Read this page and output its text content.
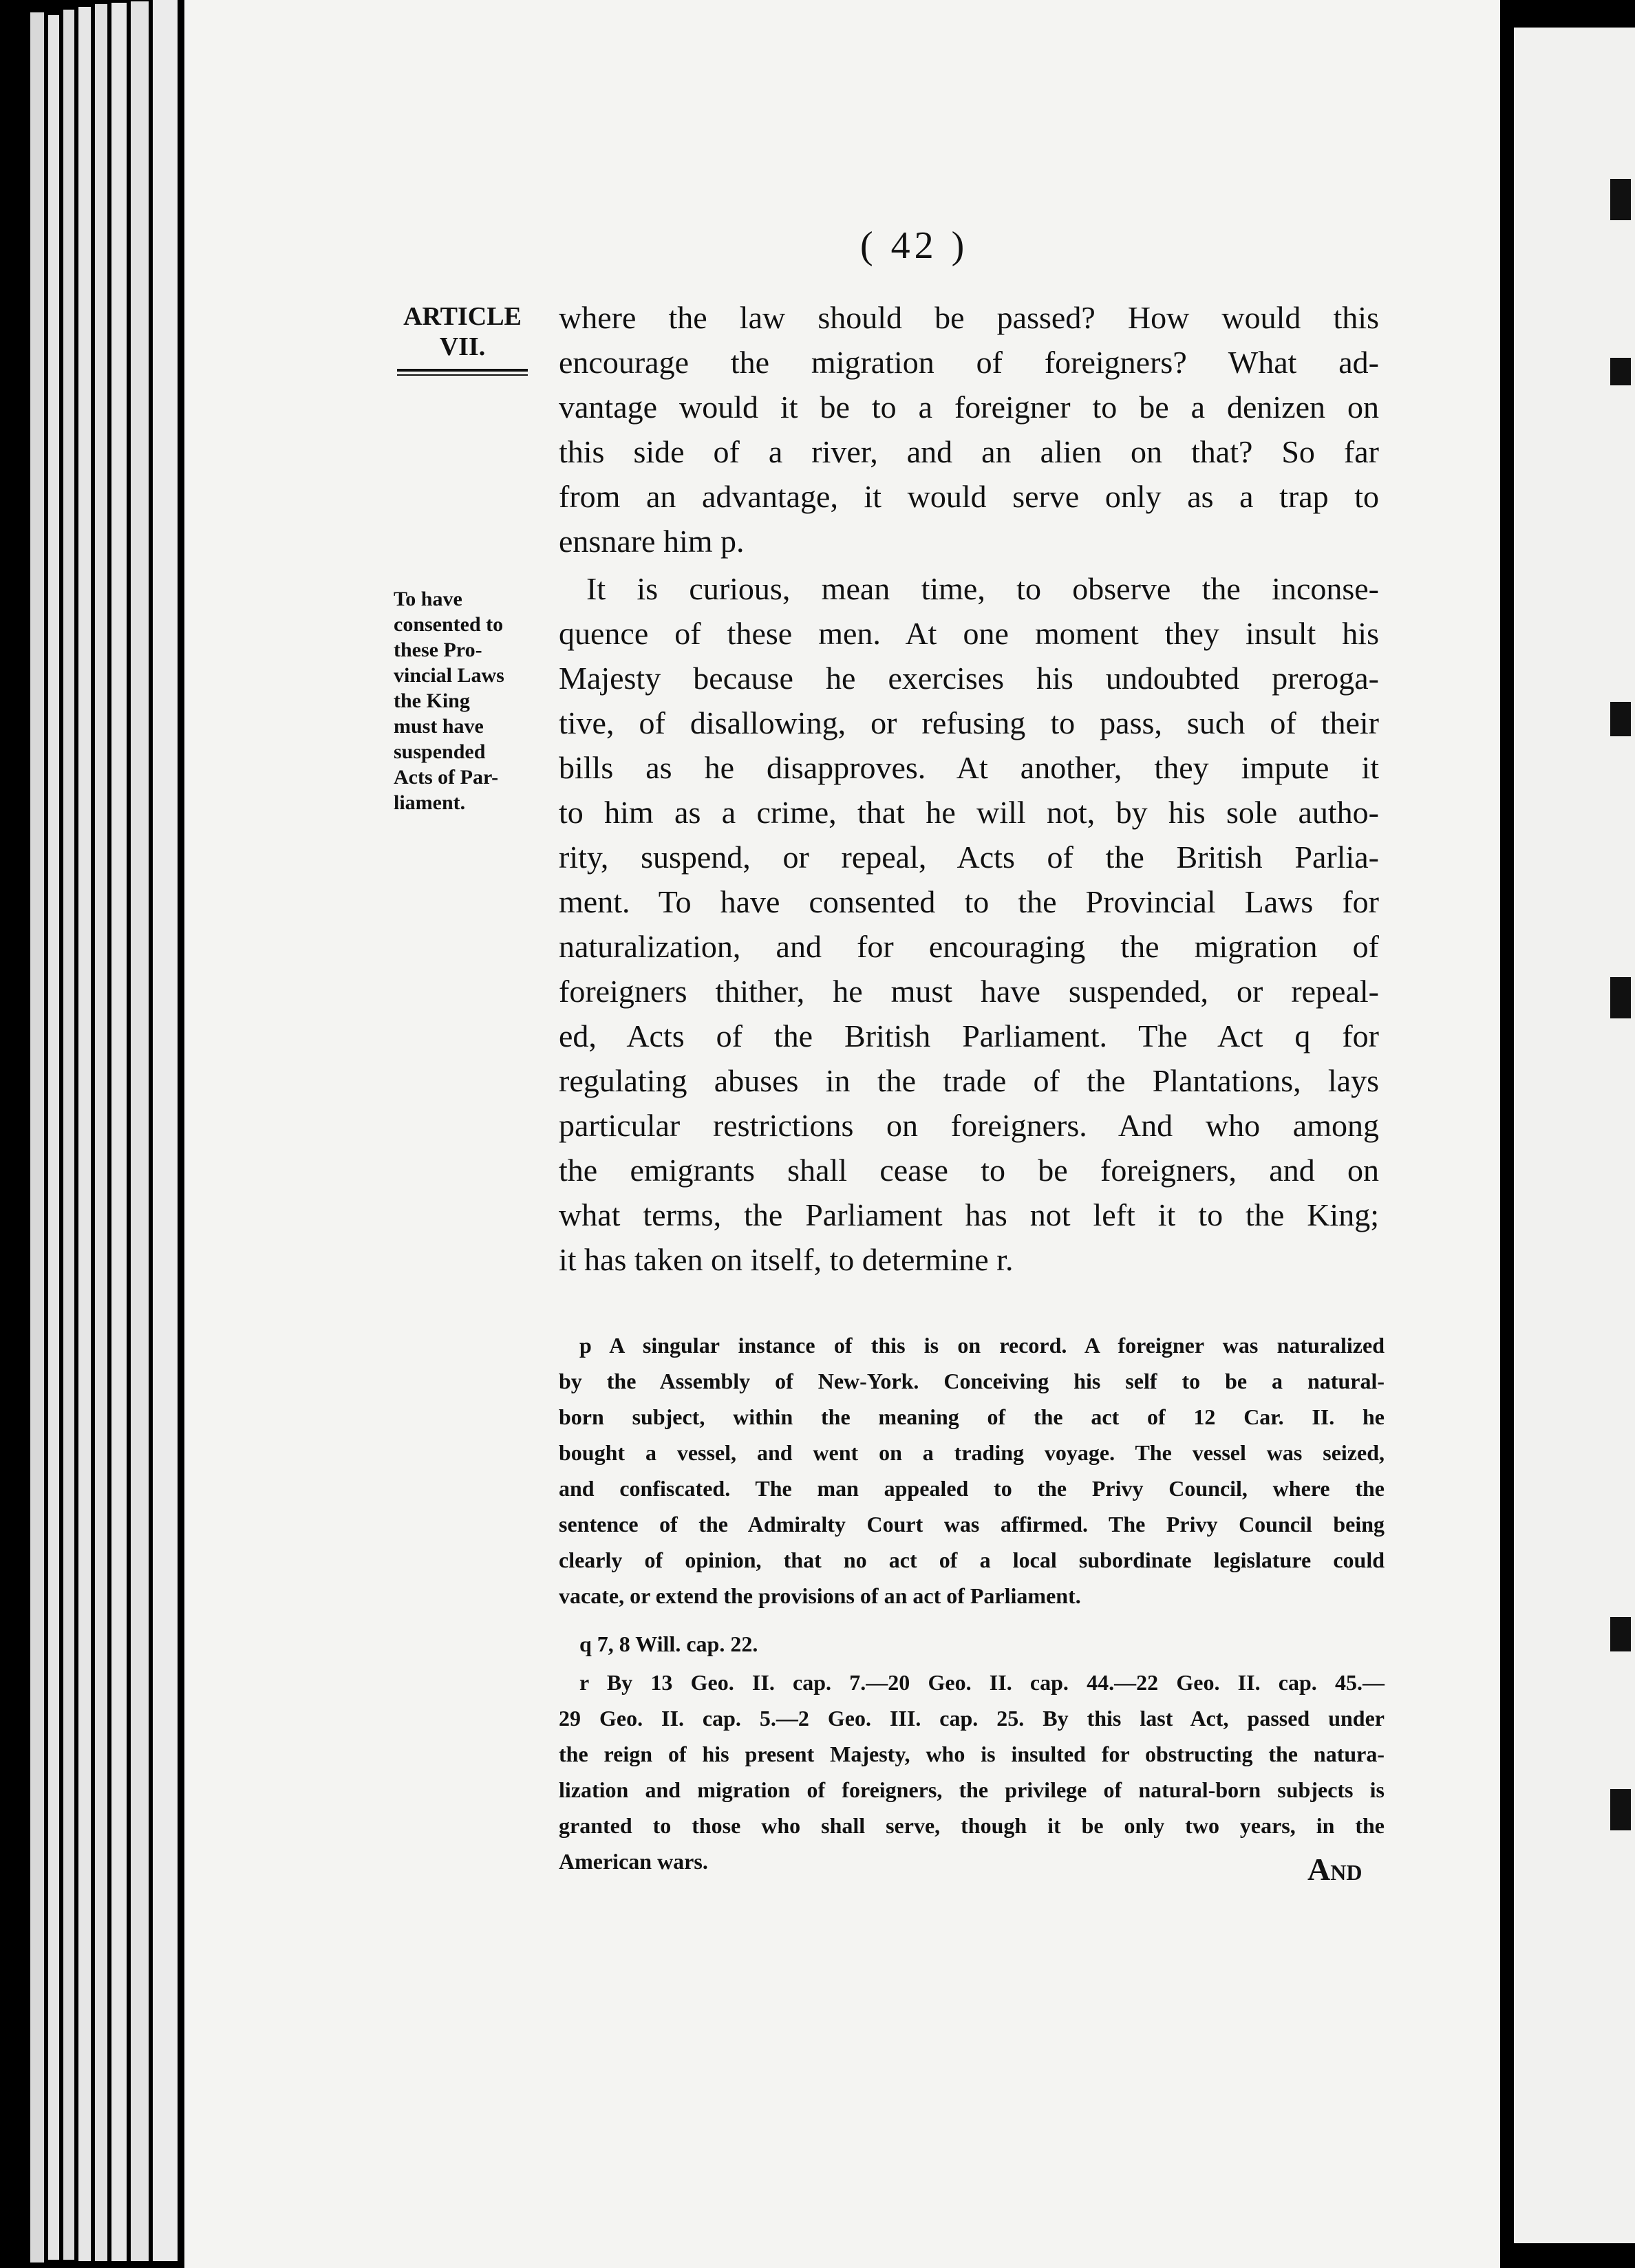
( 42 )
ARTICLE
VII.
To have
consented to
these Pro-
vincial Laws
the King
must have
suspended
Acts of Par-
liament.
where the law should be passed? How would this
encourage the migration of foreigners? What ad-
vantage would it be to a foreigner to be a denizen on
this side of a river, and an alien on that? So far
from an advantage, it would serve only as a trap to
ensnare him p.
It is curious, mean time, to observe the inconse-
quence of these men. At one moment they insult his
Majesty because he exercises his undoubted preroga-
tive, of disallowing, or refusing to pass, such of their
bills as he disapproves. At another, they impute it
to him as a crime, that he will not, by his sole autho-
rity, suspend, or repeal, Acts of the British Parlia-
ment. To have consented to the Provincial Laws for
naturalization, and for encouraging the migration of
foreigners thither, he must have suspended, or repeal-
ed, Acts of the British Parliament. The Act q for
regulating abuses in the trade of the Plantations, lays
particular restrictions on foreigners. And who among
the emigrants shall cease to be foreigners, and on
what terms, the Parliament has not left it to the King;
it has taken on itself, to determine r.
p A singular instance of this is on record. A foreigner was naturalized
by the Assembly of New-York. Conceiving his self to be a natural-
born subject, within the meaning of the act of 12 Car. II. he
bought a vessel, and went on a trading voyage. The vessel was seized,
and confiscated. The man appealed to the Privy Council, where the
sentence of the Admiralty Court was affirmed. The Privy Council being
clearly of opinion, that no act of a local subordinate legislature could
vacate, or extend the provisions of an act of Parliament.
q 7, 8 Will. cap. 22.
r By 13 Geo. II. cap. 7.—20 Geo. II. cap. 44.—22 Geo. II. cap. 45.—
29 Geo. II. cap. 5.—2 Geo. III. cap. 25. By this last Act, passed under
the reign of his present Majesty, who is insulted for obstructing the natura-
lization and migration of foreigners, the privilege of natural-born subjects is
granted to those who shall serve, though it be only two years, in the
American wars.	And
